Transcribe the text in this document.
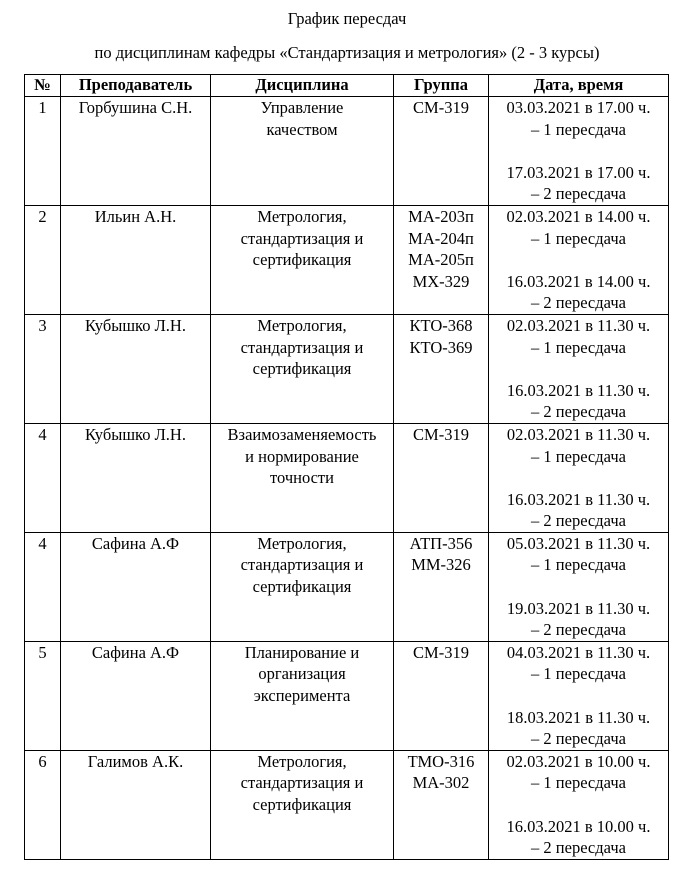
График пересдач
по дисциплинам кафедры «Стандартизация и метрология» (2 - 3 курсы)
№	Преподаватель	Дисциплина	Группа	Дата, время

1	Горбушина С.Н.	Управление
качеством	СМ-319	03.03.2021 в 17.00 ч.
– 1 пересдача
17.03.2021 в 17.00 ч.
– 2 пересдача

2	Ильин А.Н.	Метрология,
стандартизация и
сертификация	МА-203п
МА-204п
МА-205п
МХ-329	02.03.2021 в 14.00 ч.
– 1 пересдача
16.03.2021 в 14.00 ч.
– 2 пересдача

3	Кубышко Л.Н.	Метрология,
стандартизация и
сертификация	КТО-368
КТО-369	02.03.2021 в 11.30 ч.
– 1 пересдача
16.03.2021 в 11.30 ч.
– 2 пересдача

4	Кубышко Л.Н.	Взаимозаменяемость
и нормирование
точности	СМ-319	02.03.2021 в 11.30 ч.
– 1 пересдача
16.03.2021 в 11.30 ч.
– 2 пересдача

4	Сафина А.Ф	Метрология,
стандартизация и
сертификация	АТП-356
ММ-326	05.03.2021 в 11.30 ч.
– 1 пересдача
19.03.2021 в 11.30 ч.
– 2 пересдача

5	Сафина А.Ф	Планирование и
организация
эксперимента	СМ-319	04.03.2021 в 11.30 ч.
– 1 пересдача
18.03.2021 в 11.30 ч.
– 2 пересдача

6	Галимов А.К.	Метрология,
стандартизация и
сертификация	ТМО-316
МА-302	02.03.2021 в 10.00 ч.
– 1 пересдача
16.03.2021 в 10.00 ч.
– 2 пересдача
